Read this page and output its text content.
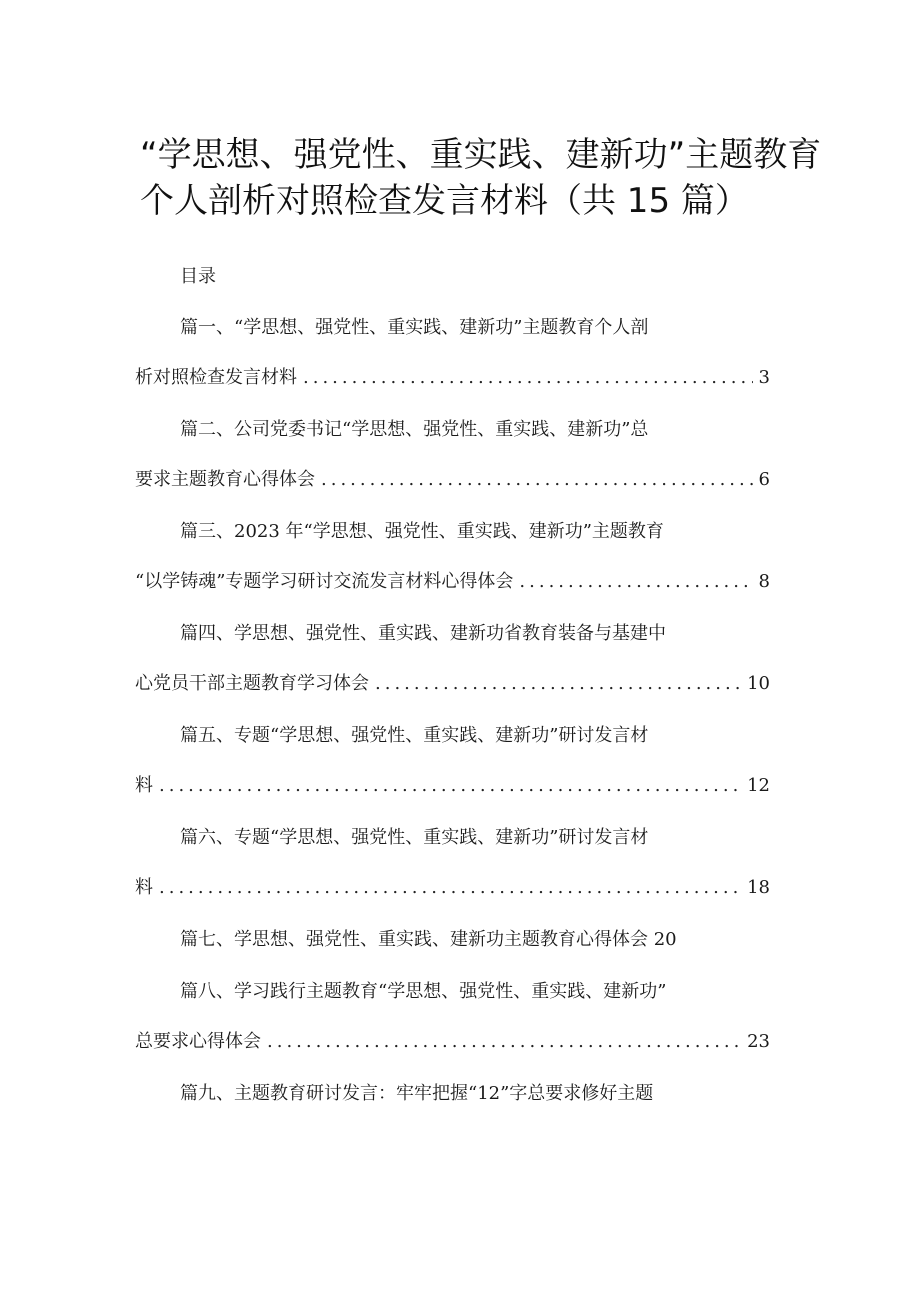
“学思想、强党性、重实践、建新功”主题教育
个人剖析对照检查发言材料（共 15 篇）
目录
篇一、“学思想、强党性、重实践、建新功”主题教育个人剖
析对照检查发言材料 .....	3
篇二、公司党委书记“学思想、强党性、重实践、建新功”总
要求主题教育心得体会 .....	6
篇三、2023 年“学思想、强党性、重实践、建新功”主题教育
“以学铸魂”专题学习研讨交流发言材料心得体会 .....	8
篇四、学思想、强党性、重实践、建新功省教育装备与基建中
心党员干部主题教育学习体会 .....	10
篇五、专题“学思想、强党性、重实践、建新功”研讨发言材
料 .....	12
篇六、专题“学思想、强党性、重实践、建新功”研讨发言材
料 .....	18
篇七、学思想、强党性、重实践、建新功主题教育心得体会 20
篇八、学习践行主题教育“学思想、强党性、重实践、建新功”
总要求心得体会 .....	23
篇九、主题教育研讨发言：牢牢把握“12”字总要求修好主题
